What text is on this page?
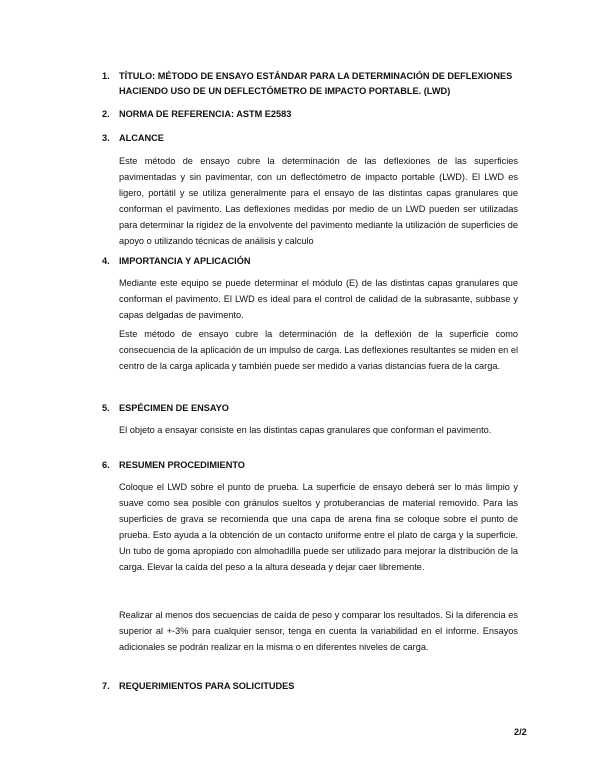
1. TÍTULO: MÉTODO DE ENSAYO ESTÁNDAR PARA LA DETERMINACIÓN DE DEFLEXIONES HACIENDO USO DE UN DEFLECTÓMETRO DE IMPACTO PORTABLE. (LWD)
2. NORMA DE REFERENCIA: ASTM E2583
3. ALCANCE
Este método de ensayo cubre la determinación de las deflexiones de las superficies pavimentadas y sin pavimentar, con un deflectómetro de impacto portable (LWD). El LWD es ligero, portátil y se utiliza generalmente para el ensayo de las distintas capas granulares que conforman el pavimento. Las deflexiones medidas por medio de un LWD pueden ser utilizadas para determinar la rigidez de la envolvente del pavimento mediante la utilización de superficies de apoyo o utilizando técnicas de análisis y calculo
4. IMPORTANCIA Y APLICACIÓN
Mediante este equipo se puede determinar el módulo (E) de las distintas capas granulares que conforman el pavimento. El LWD es ideal para el control de calidad de la subrasante, subbase y capas delgadas de pavimento.
Este método de ensayo cubre la determinación de la deflexión de la superficie como consecuencia de la aplicación de un impulso de carga. Las deflexiones resultantes se miden en el centro de la carga aplicada y también puede ser medido a varias distancias fuera de la carga.
5. ESPÉCIMEN DE ENSAYO
El objeto a ensayar consiste en las distintas capas granulares que conforman el pavimento.
6. RESUMEN PROCEDIMIENTO
Coloque el LWD sobre el punto de prueba. La superficie de ensayo deberá ser lo más limpio y suave como sea posible con gránulos sueltos y protuberancias de material removido. Para las superficies de grava se recomienda que una capa de arena fina se coloque sobre el punto de prueba. Esto ayuda a la obtención de un contacto uniforme entre el plato de carga y la superficie. Un tubo de goma apropiado con almohadilla puede ser utilizado para mejorar la distribución de la carga. Elevar la caída del peso a la altura deseada y dejar caer libremente.
Realizar al menos dos secuencias de caída de peso y comparar los resultados. Si la diferencia es superior al +-3% para cualquier sensor, tenga en cuenta la variabilidad en el informe. Ensayos adicionales se podrán realizar en la misma o en diferentes niveles de carga.
7. REQUERIMIENTOS PARA SOLICITUDES
2/2
